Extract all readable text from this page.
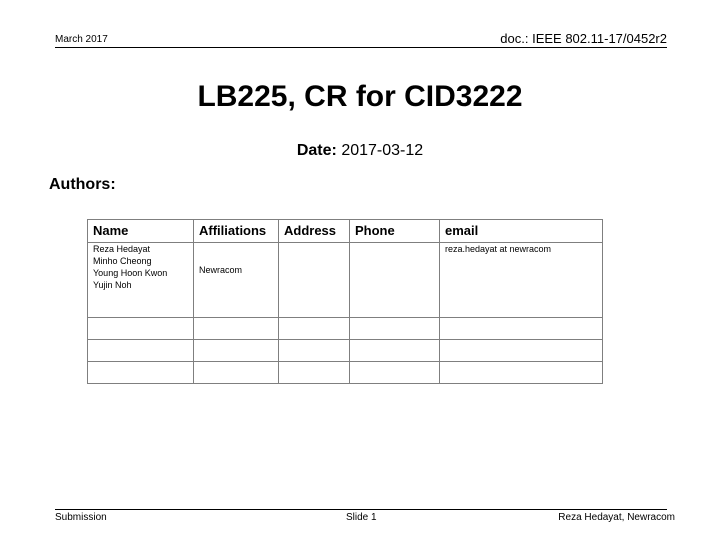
March 2017	doc.: IEEE 802.11-17/0452r2
LB225, CR for CID3222
Date: 2017-03-12
Authors:
Name	Affiliations	Address	Phone	email

Reza Hedayat
Minho Cheong
Young Hoon Kwon
Yujin Noh	Newracom			reza.hedayat at newracom

Submission	Slide 1	Reza Hedayat, Newracom
